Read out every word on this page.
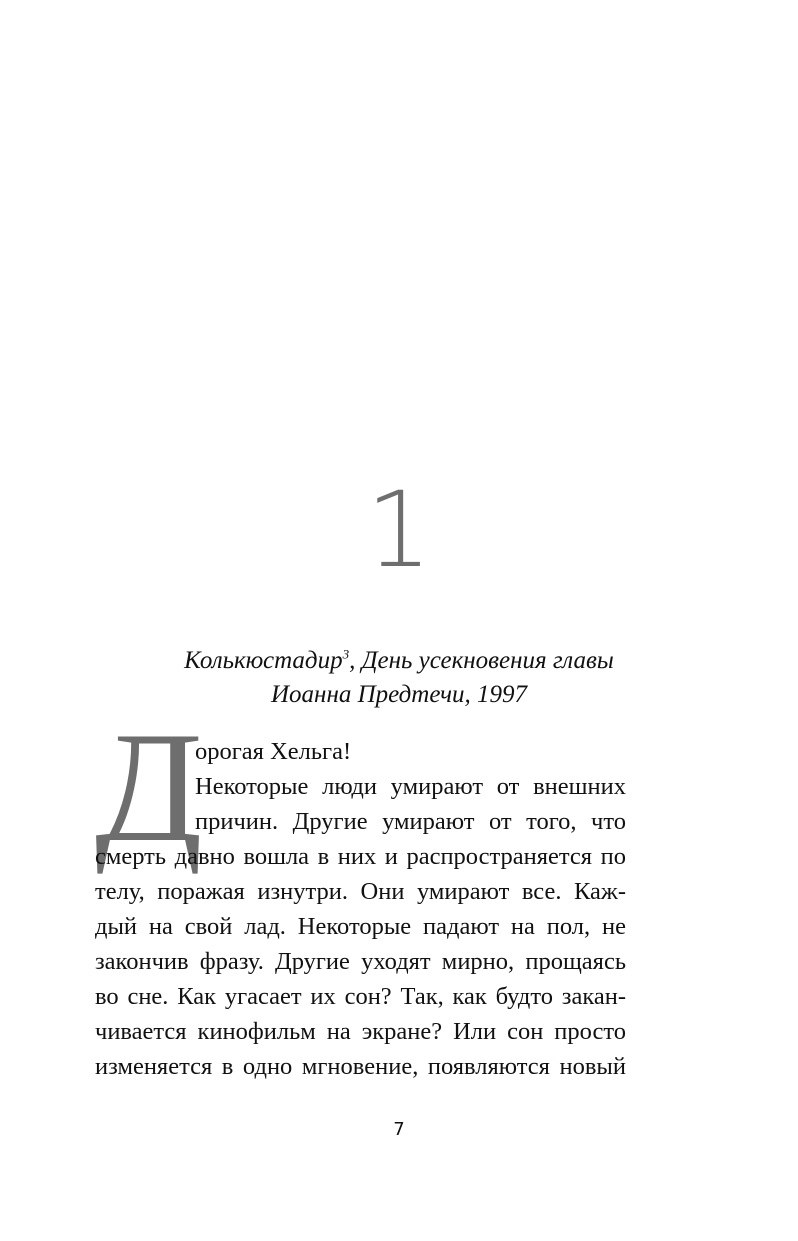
1
Колькюстадир$^3$, День усекновения главы
Иоанна Предтечи, 1997
Д
орогая Хельга!
Некоторые люди умирают от внешних
причин. Другие умирают от того, что
смерть давно вошла в них и распространяется по
телу, поражая изнутри. Они умирают все. Каж-
дый на свой лад. Некоторые падают на пол, не
закончив фразу. Другие уходят мирно, прощаясь
во сне. Как угасает их сон? Так, как будто закан-
чивается кинофильм на экране? Или сон просто
изменяется в одно мгновение, появляются новый
7
